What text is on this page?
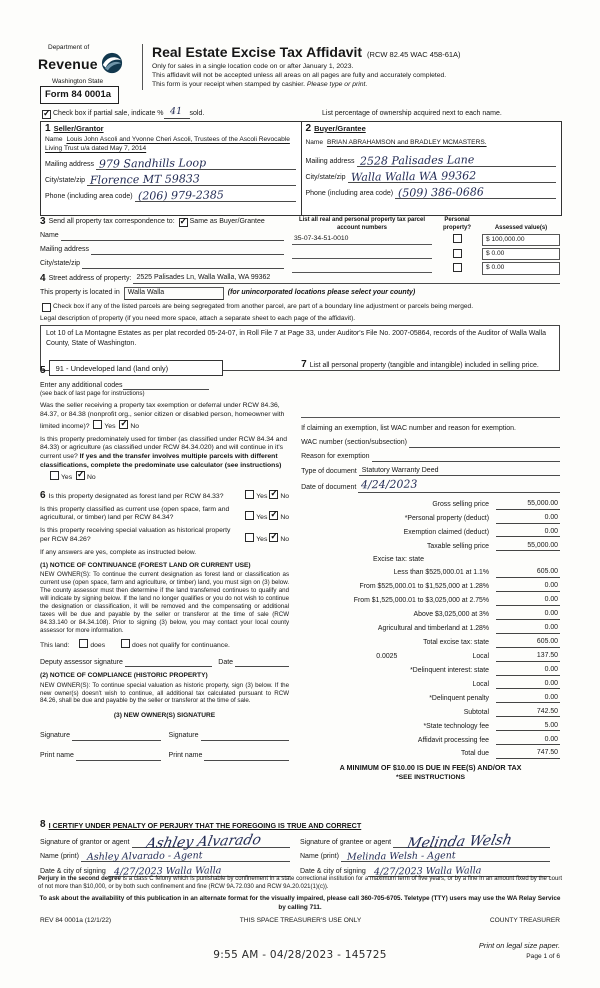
Department of
Revenue
Washington State
Real Estate Excise Tax Affidavit (RCW 82.45 WAC 458-61A)
Only for sales in a single location code on or after January 1, 2023.
This affidavit will not be accepted unless all areas on all pages are fully and accurately completed.
This form is your receipt when stamped by cashier. Please type or print.
Form 84 0001a
✓
Check box if partial sale, indicate % 41 sold.	List percentage of ownership acquired next to each name.
1 Seller/Grantor
Name Louis John Ascoli and Yvonne Cheri Ascoli, Trustees of the Ascoli Revocable Living Trust u/a dated May 7, 2014
Mailing address 979 Sandhills Loop
City/state/zip Florence MT 59833
Phone (including area code) (206) 979-2385
2 Buyer/Grantee
Name BRIAN ABRAHAMSON and BRADLEY MCMASTERS.
Mailing address 2528 Palisades Lane
City/state/zip Walla Walla WA 99362
Phone (including area code) (509) 386-0686
3 Send all property tax correspondence to: ✓ Same as Buyer/Grantee
Name
Mailing address
City/state/zip
List all real and personal property tax parcel account numbers
Personal property?	Assessed value(s)
35-07-34-51-0010	$ 100,000.00
$ 0.00
$ 0.00
4 Street address of property: 2525 Palisades Ln, Walla Walla, WA 99362
This property is located in	Walla Walla	(for unincorporated locations please select your county)
Check box if any of the listed parcels are being segregated from another parcel, are part of a boundary line adjustment or parcels being merged.
Legal description of property (if you need more space, attach a separate sheet to each page of the affidavit).
Lot 10 of La Montagne Estates as per plat recorded 05-24-07, in Roll File 7 at Page 33, under Auditor's File No. 2007-05864, records of the Auditor of Walla Walla County, State of Washington.
5	91 - Undeveloped land (land only)
Enter any additional codes
(see back of last page for instructions)
Was the seller receiving a property tax exemption or deferral under RCW 84.36, 84.37, or 84.38 (nonprofit org., senior citizen or disabled person, homeowner with limited income)? Yes ✓ No
Is this property predominately used for timber (as classified under RCW 84.34 and 84.33) or agriculture (as classified under RCW 84.34.020) and will continue in it's current use? If yes and the transfer involves multiple parcels with different classifications, complete the predominate use calculator (see instructions) Yes ✓ No
6 Is this property designated as forest land per RCW 84.33?	Yes ✓ No
Is this property classified as current use (open space, farm and agricultural, or timber) land per RCW 84.34?	Yes ✓ No
Is this property receiving special valuation as historical property per RCW 84.26?	Yes ✓ No
If any answers are yes, complete as instructed below.
(1) NOTICE OF CONTINUANCE (FOREST LAND OR CURRENT USE)
NEW OWNER(S): To continue the current designation as forest land or classification as current use (open space, farm and agriculture, or timber) land, you must sign on (3) below. The county assessor must then determine if the land transferred continues to qualify and will indicate by signing below. If the land no longer qualifies or you do not wish to continue the designation or classification, it will be removed and the compensating or additional taxes will be due and payable by the seller or transferor at the time of sale (RCW 84.33.140 or 84.34.108). Prior to signing (3) below, you may contact your local county assessor for more information.
This land:	does	does not qualify for continuance.
Deputy assessor signature	Date
(2) NOTICE OF COMPLIANCE (HISTORIC PROPERTY)
NEW OWNER(S): To continue special valuation as historic property, sign (3) below. If the new owner(s) doesn't wish to continue, all additional tax calculated pursuant to RCW 84.26, shall be due and payable by the seller or transferor at the time of sale.
(3) NEW OWNER(S) SIGNATURE
Signature	Signature
Print name	Print name
7 List all personal property (tangible and intangible) included in selling price.
If claiming an exemption, list WAC number and reason for exemption.
WAC number (section/subsection)
Reason for exemption
Type of document Statutory Warranty Deed
Date of document 4/24/2023
Gross selling price	55,000.00
*Personal property (deduct)	0.00
Exemption claimed (deduct)	0.00
Taxable selling price	55,000.00
Excise tax: state
Less than $525,000.01 at 1.1%	605.00
From $525,000.01 to $1,525,000 at 1.28%	0.00
From $1,525,000.01 to $3,025,000 at 2.75%	0.00
Above $3,025,000 at 3%	0.00
Agricultural and timberland at 1.28%	0.00
Total excise tax: state	605.00
0.0025	Local	137.50
*Delinquent interest: state	0.00
Local	0.00
*Delinquent penalty	0.00
Subtotal	742.50
*State technology fee	5.00
Affidavit processing fee	0.00
Total due	747.50
A MINIMUM OF $10.00 IS DUE IN FEE(S) AND/OR TAX
*SEE INSTRUCTIONS
8 I CERTIFY UNDER PENALTY OF PERJURY THAT THE FOREGOING IS TRUE AND CORRECT
Signature of grantor or agent Ashley Alvarado
Name (print) Ashley Alvarado - Agent
Date & city of signing 4/27/2023 Walla Walla
Signature of grantee or agent Melinda Welsh
Name (print) Melinda Welsh - Agent
Date & city of signing 4/27/2023 Walla Walla
Perjury in the second degree is a class C felony which is punishable by confinement in a state correctional institution for a maximum term of five years, or by a fine in an amount fixed by the court of not more than $10,000, or by both such confinement and fine (RCW 9A.72.030 and RCW 9A.20.021(1)(c)).
To ask about the availability of this publication in an alternate format for the visually impaired, please call 360-705-6705. Teletype (TTY) users may use the WA Relay Service by calling 711.
REV 84 0001a (12/1/22)	THIS SPACE TREASURER'S USE ONLY	COUNTY TREASURER
9:55 AM - 04/28/2023 - 145725
Print on legal size paper.
Page 1 of 6
